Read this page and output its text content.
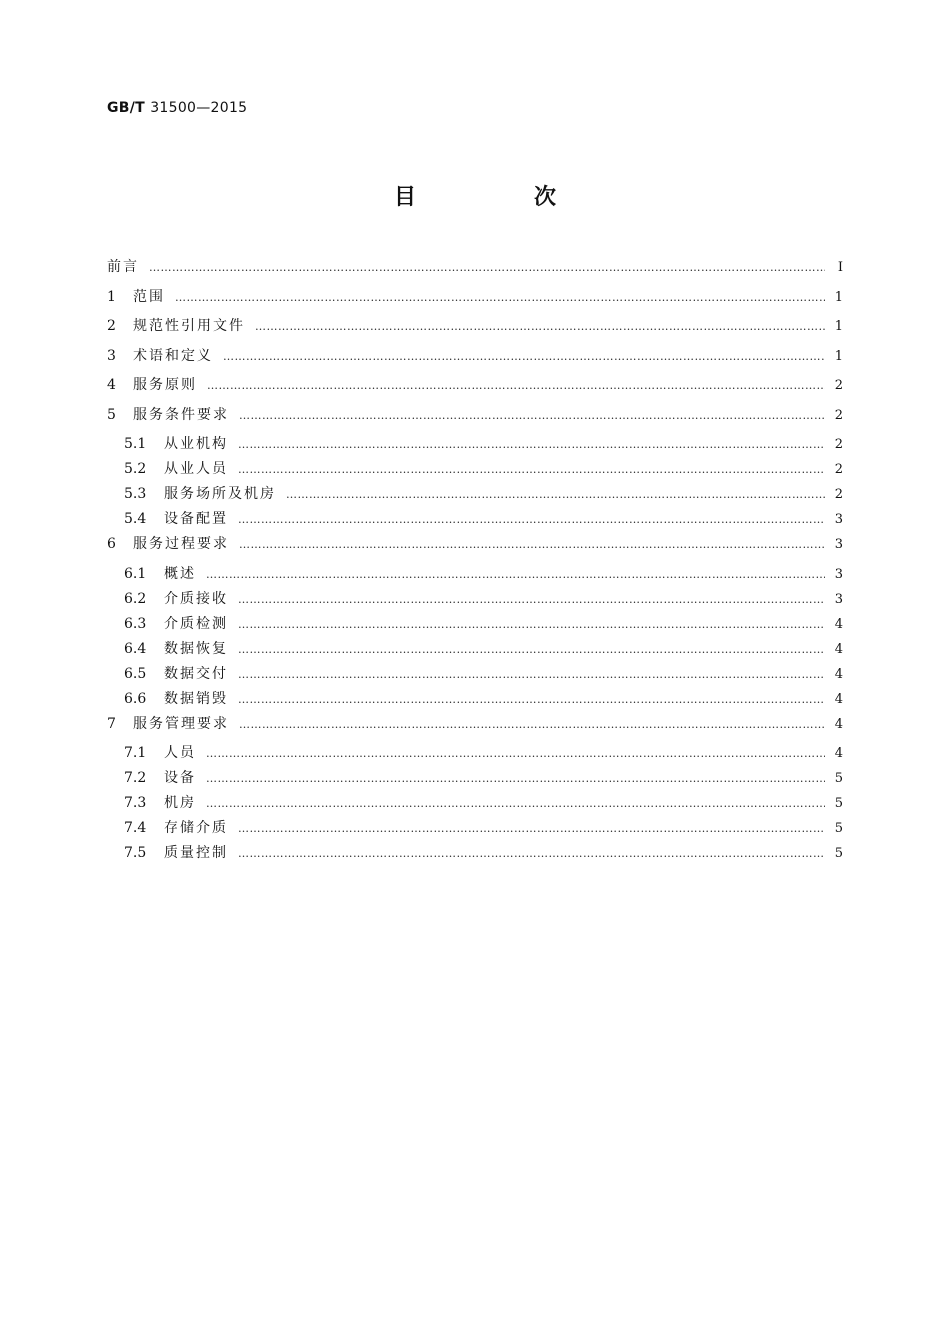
GB/T 31500—2015
目　次
前言 ……………………………………………………………………………………………………………………………………………………………………………………………………………	Ⅰ
1	范围 ……………………………………………………………………………………………………………………………………………………………………………………………………………	1
2	规范性引用文件 ……………………………………………………………………………………………………………………………………………………………………………………………………………	1
3	术语和定义 ……………………………………………………………………………………………………………………………………………………………………………………………………………	1
4	服务原则 ……………………………………………………………………………………………………………………………………………………………………………………………………………	2
5	服务条件要求 ……………………………………………………………………………………………………………………………………………………………………………………………………………	2
5.1	从业机构 ……………………………………………………………………………………………………………………………………………………………………………………………………………	2
5.2	从业人员 ……………………………………………………………………………………………………………………………………………………………………………………………………………	2
5.3	服务场所及机房 ……………………………………………………………………………………………………………………………………………………………………………………………………………	2
5.4	设备配置 ……………………………………………………………………………………………………………………………………………………………………………………………………………	3
6	服务过程要求 ……………………………………………………………………………………………………………………………………………………………………………………………………………	3
6.1	概述 ……………………………………………………………………………………………………………………………………………………………………………………………………………	3
6.2	介质接收 ……………………………………………………………………………………………………………………………………………………………………………………………………………	3
6.3	介质检测 ……………………………………………………………………………………………………………………………………………………………………………………………………………	4
6.4	数据恢复 ……………………………………………………………………………………………………………………………………………………………………………………………………………	4
6.5	数据交付 ……………………………………………………………………………………………………………………………………………………………………………………………………………	4
6.6	数据销毁 ……………………………………………………………………………………………………………………………………………………………………………………………………………	4
7	服务管理要求 ……………………………………………………………………………………………………………………………………………………………………………………………………………	4
7.1	人员 ……………………………………………………………………………………………………………………………………………………………………………………………………………	4
7.2	设备 ……………………………………………………………………………………………………………………………………………………………………………………………………………	5
7.3	机房 ……………………………………………………………………………………………………………………………………………………………………………………………………………	5
7.4	存储介质 ……………………………………………………………………………………………………………………………………………………………………………………………………………	5
7.5	质量控制 ……………………………………………………………………………………………………………………………………………………………………………………………………………	5
